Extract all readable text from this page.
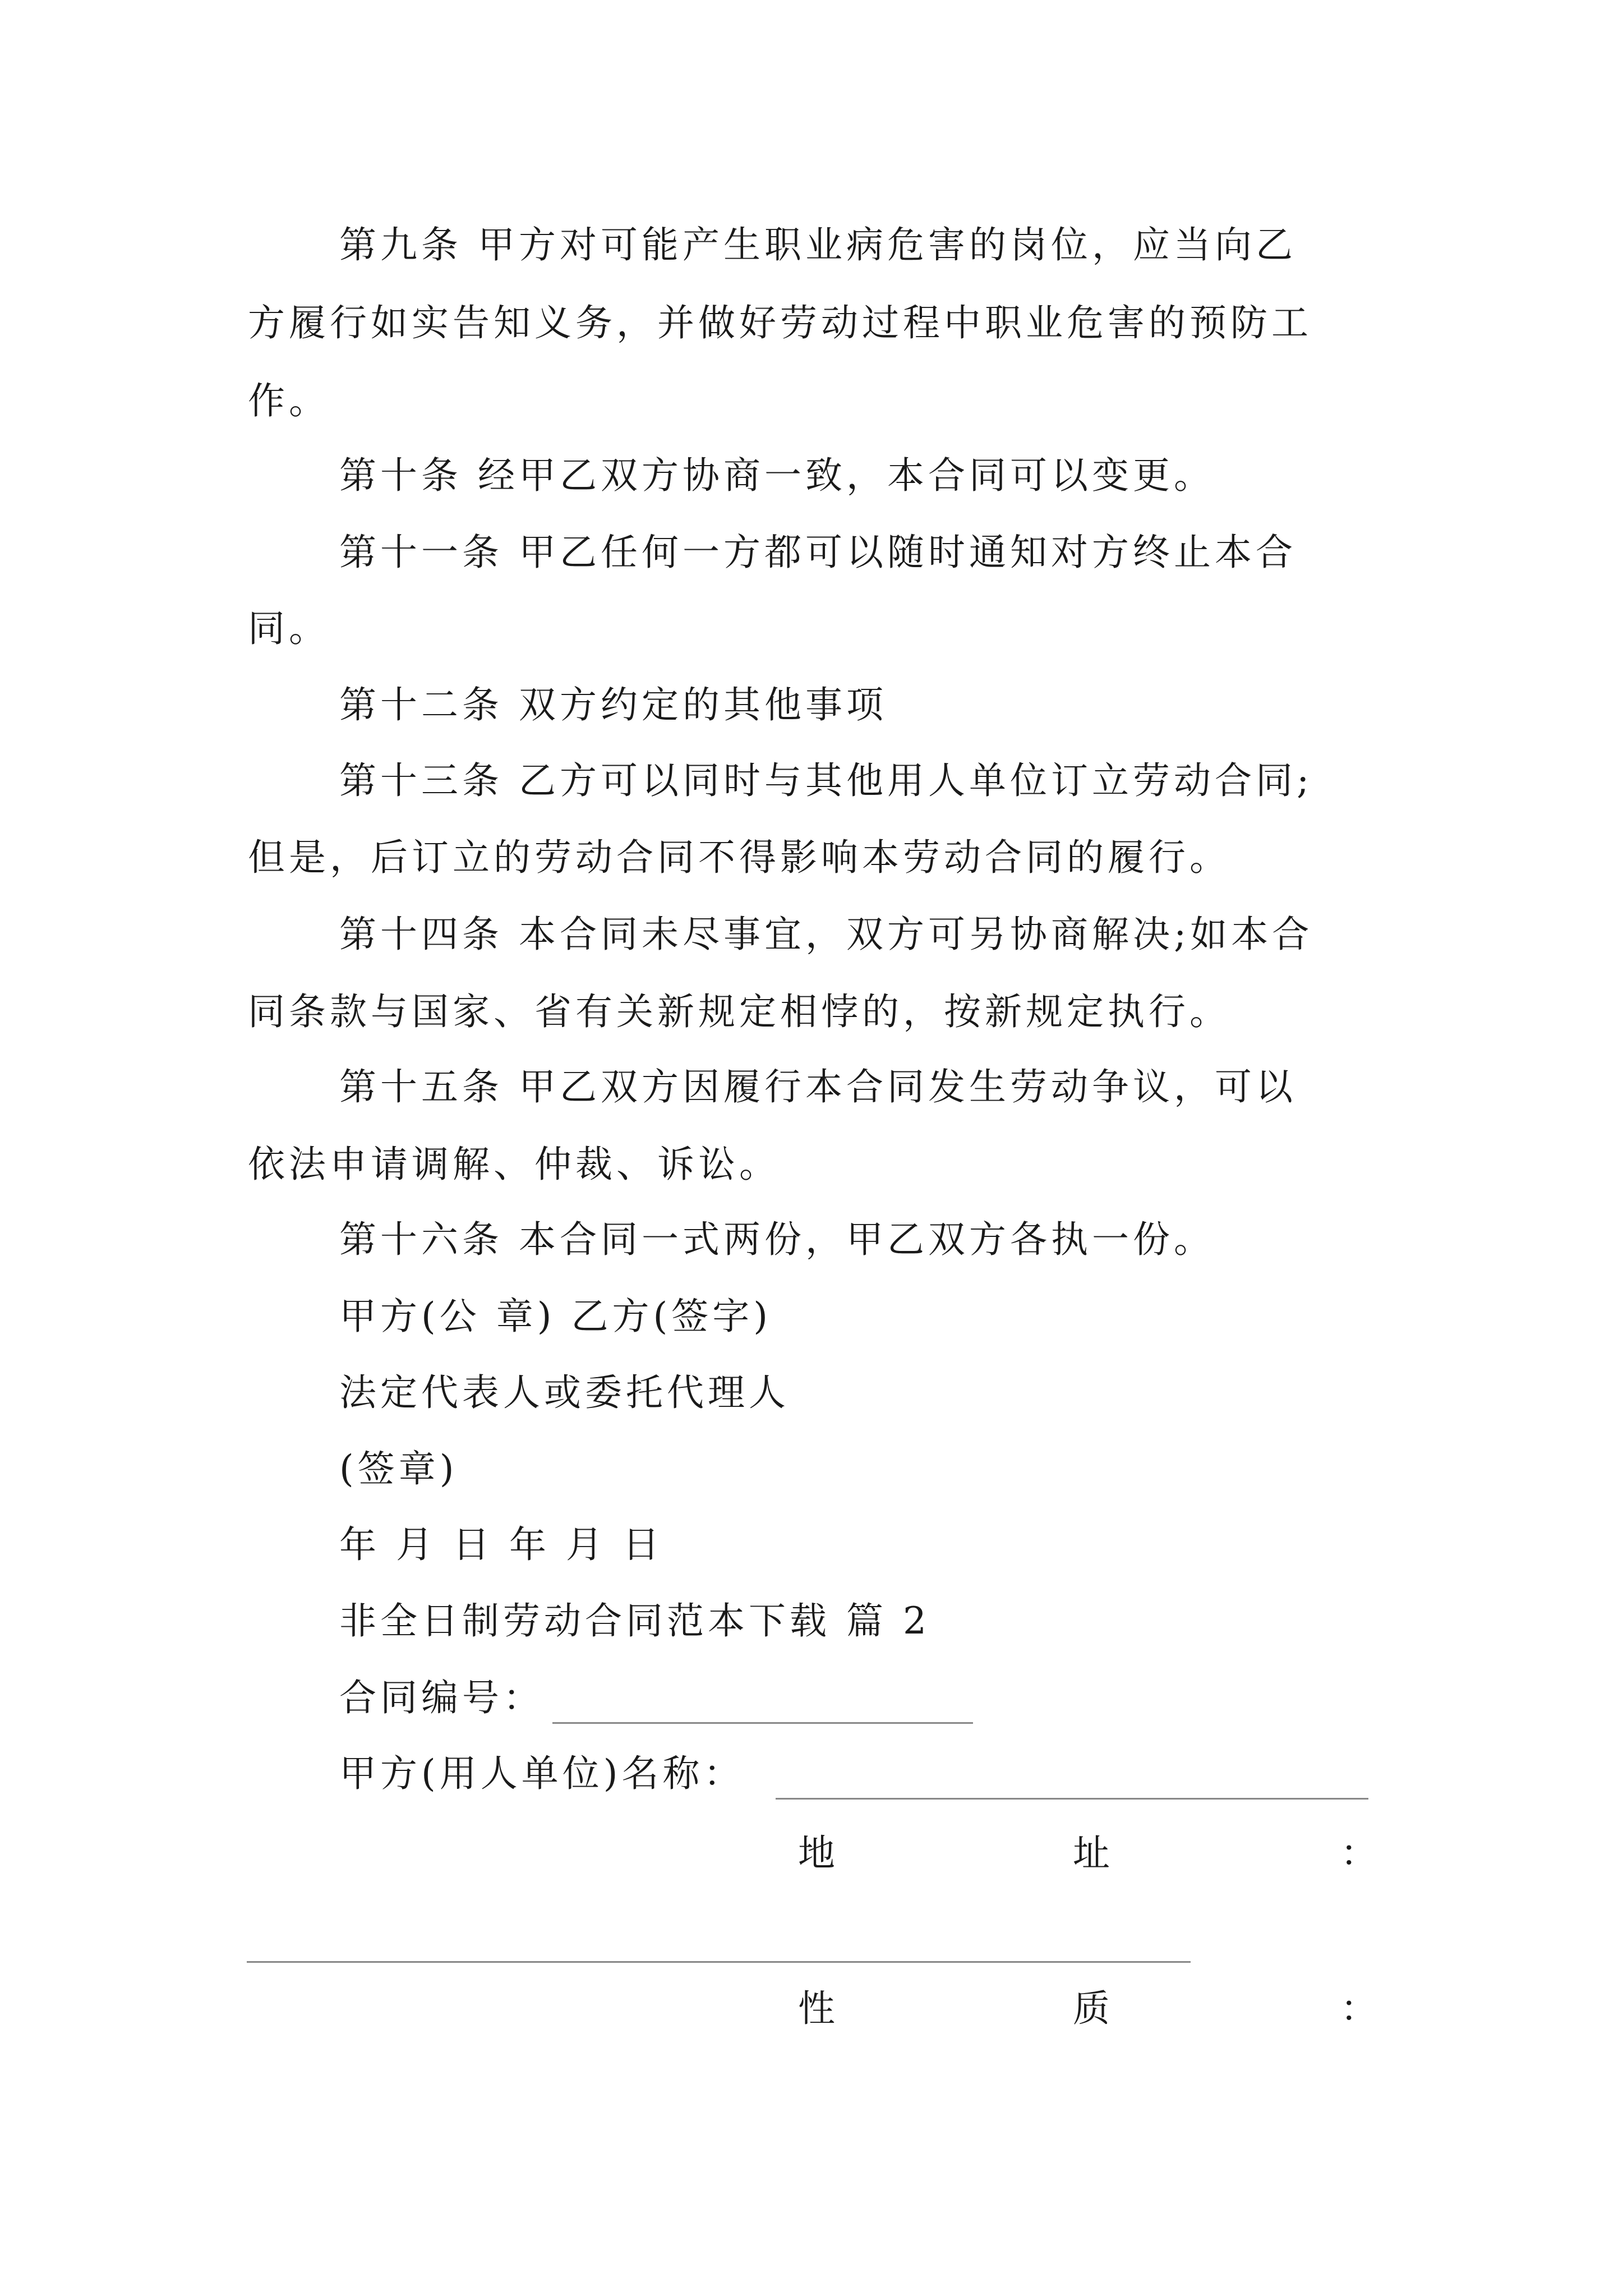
第九条 甲方对可能产生职业病危害的岗位，应当向乙

方履行如实告知义务，并做好劳动过程中职业危害的预防工

作。

第十条 经甲乙双方协商一致，本合同可以变更。

第十一条 甲乙任何一方都可以随时通知对方终止本合

同。

第十二条 双方约定的其他事项

第十三条 乙方可以同时与其他用人单位订立劳动合同;

但是，后订立的劳动合同不得影响本劳动合同的履行。

第十四条 本合同未尽事宜，双方可另协商解决;如本合

同条款与国家、省有关新规定相悖的，按新规定执行。

第十五条 甲乙双方因履行本合同发生劳动争议，可以

依法申请调解、仲裁、诉讼。

第十六条 本合同一式两份，甲乙双方各执一份。

甲方(公 章) 乙方(签字)

法定代表人或委托代理人

(签章)

年 月 日 年 月 日

非全日制劳动合同范本下载 篇 2

合同编号：

甲方(用人单位)名称：

地	址	：

性	质	：
